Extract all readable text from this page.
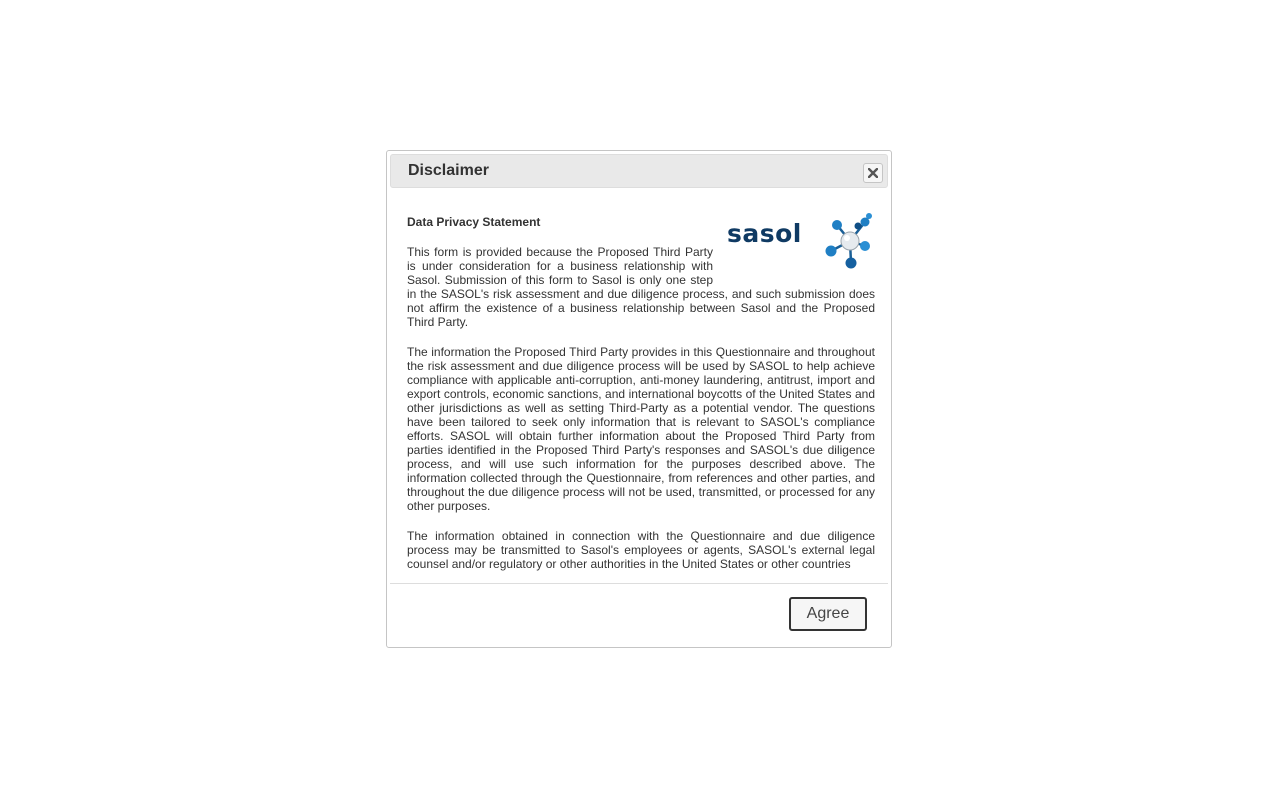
Disclaimer
sasol
Data Privacy Statement

This form is provided because the Proposed Third Party is under consideration for a business relationship with Sasol. Submission of this form to Sasol is only one step in the SASOL's risk assessment and due diligence process, and such submission does not affirm the existence of a business relationship between Sasol and the Proposed Third Party.

The information the Proposed Third Party provides in this Questionnaire and throughout the risk assessment and due diligence process will be used by SASOL to help achieve compliance with applicable anti-corruption, anti-money laundering, antitrust, import and export controls, economic sanctions, and international boycotts of the United States and other jurisdictions as well as setting Third-Party as a potential vendor. The questions have been tailored to seek only information that is relevant to SASOL's compliance efforts. SASOL will obtain further information about the Proposed Third Party from parties identified in the Proposed Third Party's responses and SASOL's due diligence process, and will use such information for the purposes described above. The information collected through the Questionnaire, from references and other parties, and throughout the due diligence process will not be used, transmitted, or processed for any other purposes.

The information obtained in connection with the Questionnaire and due diligence process may be transmitted to Sasol's employees or agents, SASOL's external legal counsel and/or regulatory or other authorities in the United States or other countries

Agree
